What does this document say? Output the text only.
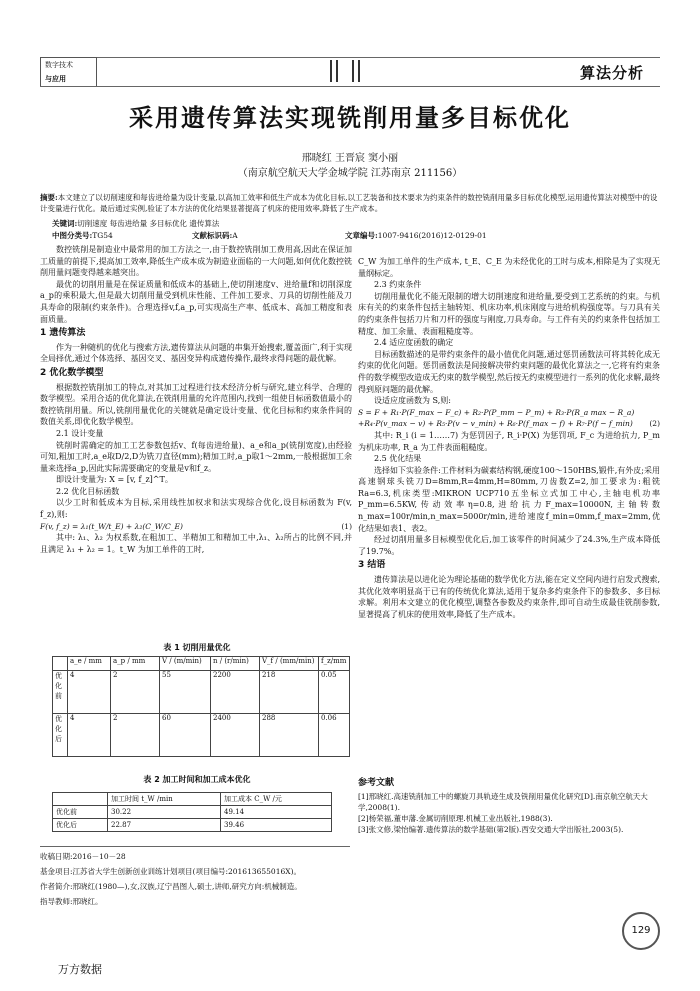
数字技术
与应用	算法分析
采用遗传算法实现铣削用量多目标优化
邢晓红 王晋宸 窦小丽
（南京航空航天大学金城学院 江苏南京 211156）
摘要:本文建立了以切削速度和每齿进给量为设计变量,以高加工效率和低生产成本为优化目标,以工艺装备和技术要求为约束条件的数控铣削用量多目标优化模型,运用遗传算法对模型中的设计变量进行优化。最后通过实例,验证了本方法的优化结果显著提高了机床的使用效率,降低了生产成本。
关键词:切削速度 每齿进给量 多目标优化 遗传算法
中图分类号:TG54	文献标识码:A	文章编号:1007-9416(2016)12-0129-01

数控铣削是制造业中最常用的加工方法之一,由于数控铣削加工费用高,因此在保证加工质量的前提下,提高加工效率,降低生产成本成为制造业面临的一大问题,如何优化数控铣削用量问题变得越来越突出。

最优的切削用量是在保证质量和低成本的基础上,使切削速度v、进给量f和切削深度a_p的乘积最大,但是最大切削用量受到机床性能、工件加工要求、刀具的切削性能及刀具寿命的限制(约束条件)。合理选择v,f,a_p,可实现高生产率、低成本、高加工精度和表面质量。

1 遗传算法

作为一种随机的优化与搜索方法,遗传算法从问题的串集开始搜索,覆盖面广,利于实现全局择优,通过个体选择、基因交叉、基因变异构成遗传操作,最终求得问题的最优解。

2 优化数学模型

根据数控铣削加工的特点,对其加工过程进行技术经济分析与研究,建立科学、合理的数学模型。采用合适的优化算法,在铣削用量的允许范围内,找到一组使目标函数值最小的数控铣削用量。所以,铣削用量优化的关键就是确定设计变量、优化目标和约束条件间的数值关系,即优化数学模型。

2.1 设计变量

铣削时需确定的加工工艺参数包括v、f(每齿进给量)、a_e和a_p(铣削宽度),由经验可知,粗加工时,a_e取D/2,D为铣刀直径(mm);精加工时,a_p取1～2mm,一般根据加工余量来选择a_p,因此实际需要确定的变量是v和f_z。

即设计变量为: X = [v, f_z]^T。

2.2 优化目标函数

以少工时和低成本为目标,采用线性加权求和法实现综合优化,设目标函数为 F(v, f_z),则:

F(v, f_z) = λ₁(t_W/t_E) + λ₂(C_W/C_E)	(1)

其中: λ₁、λ₂ 为权系数,在粗加工、半精加工和精加工中,λ₁、λ₂所占的比例不同,并且满足 λ₁ + λ₂ = 1。t_W 为加工单件的工时,

表 1 切削用量优化
	a_e / mm	a_p / mm	V / (m/min)	n / (r/min)	V_f / (mm/min)	f_z/mm
优化前	4	2	55	2200	218	0.05
优化后	4	2	60	2400	288	0.06
表 2 加工时间和加工成本优化
	加工时间 t_W /min	加工成本 C_W /元
优化前	30.22	49.14
优化后	22.87	39.46

C_W 为加工单件的生产成本, t_E、C_E 为未经优化的工时与成本,相除是为了实现无量纲标定。

2.3 约束条件

切削用量优化不能无限制的增大切削速度和进给量,要受到工艺系统的约束。与机床有关的约束条件包括主轴转矩、机床功率,机床刚度与进给机构强度等。与刀具有关的约束条件包括刀片和刀杆的强度与刚度,刀具寿命。与工件有关的约束条件包括加工精度、加工余量、表面粗糙度等。

2.4 适应度函数的确定

目标函数描述的是带约束条件的最小值优化问题,通过惩罚函数法可将其转化成无约束的优化问题。惩罚函数法是间接解决带约束问题的最优化算法之一,它将有约束条件的数学模型改造成无约束的数学模型,然后按无约束模型进行一系列的优化求解,最终得到原问题的最优解。

设适应度函数为 S,则:

S = F + R₁·P(F_max − F_c) + R₂·P(P_mm − P_m) + R₃·P(R_a max − R_a)
+R₄·P(v_max − v) + R₅·P(v − v_min) + R₆·P(f_max − f) + R₇·P(f − f_min) (2)

其中: R_i (i = 1……7) 为惩罚因子, R_i·P(X) 为惩罚项, F_c 为进给抗力, P_m 为机床功率, R_a 为工件表面粗糙度。

2.5 优化结果

选择如下实验条件:工件材料为碳素结构钢,硬度100～150HBS,锻件,有外皮;采用高速钢球头铣刀D=8mm,R=4mm,H=80mm,刀齿数Z=2,加工要求为:粗铣Ra=6.3,机床类型:MIKRON UCP710五坐标立式加工中心,主轴电机功率P_mm=6.5KW,传动效率η=0.8,进给抗力F_max=10000N,主轴转数n_max=100r/min,n_max=5000r/min,进给速度f_min=0mm,f_max=2mm,优化结果如表1、表2。

经过切削用量多目标模型优化后,加工该零件的时间减少了24.3%,生产成本降低了19.7%。

3 结语

遗传算法是以进化论为理论基础的数学优化方法,能在定义空间内进行启发式搜索,其优化效率明显高于已有的传统优化算法,适用于复杂多约束条件下的参数多、多目标求解。利用本文建立的优化模型,调整各参数及约束条件,即可自动生成最佳铣削参数,显著提高了机床的使用效率,降低了生产成本。

参考文献
[1]邢晓红.高速铣削加工中的螺旋刀具轨迹生成及铣削用量优化研究[D].南京航空航天大学,2008(1).
[2]杨荣福,董申藩.金属切削原理.机械工业出版社,1988(3).
[3]张文修,梁怡编著.遗传算法的数学基础(第2版).西安交通大学出版社,2003(5).
收稿日期:2016－10－28
基金项目:江苏省大学生创新创业训练计划项目(项目编号:201613655016X)。
作者简介:邢晓红(1980—),女,汉族,辽宁昌图人,硕士,讲师,研究方向:机械制造。
指导教师:邢晓红。
129
万方数据
